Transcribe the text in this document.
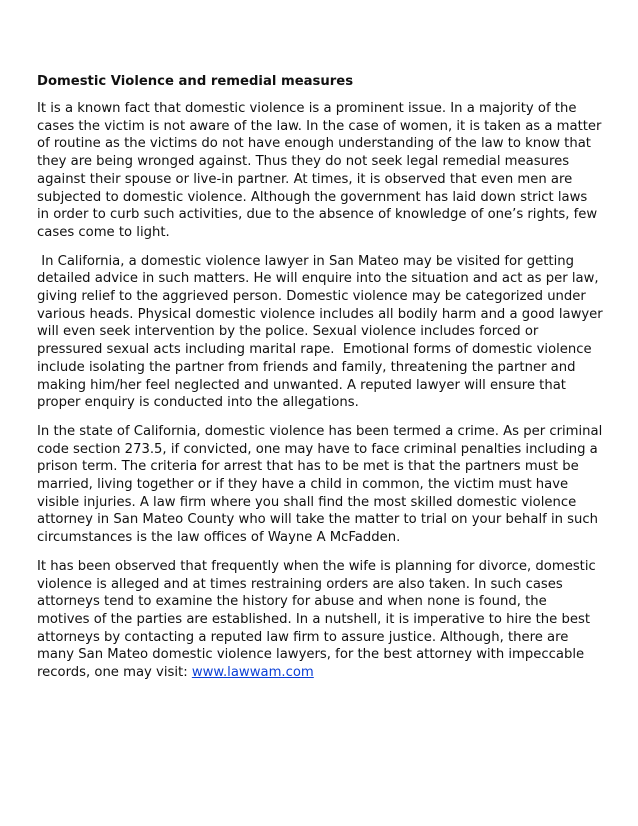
Domestic Violence and remedial measures

It is a known fact that domestic violence is a prominent issue. In a majority of the cases the victim is not aware of the law. In the case of women, it is taken as a matter of routine as the victims do not have enough understanding of the law to know that they are being wronged against. Thus they do not seek legal remedial measures against their spouse or live-in partner. At times, it is observed that even men are subjected to domestic violence. Although the government has laid down strict laws in order to curb such activities, due to the absence of knowledge of one’s rights, few cases come to light.

In California, a domestic violence lawyer in San Mateo may be visited for getting detailed advice in such matters. He will enquire into the situation and act as per law, giving relief to the aggrieved person. Domestic violence may be categorized under various heads. Physical domestic violence includes all bodily harm and a good lawyer will even seek intervention by the police. Sexual violence includes forced or pressured sexual acts including marital rape.  Emotional forms of domestic violence include isolating the partner from friends and family, threatening the partner and making him/her feel neglected and unwanted. A reputed lawyer will ensure that proper enquiry is conducted into the allegations.

In the state of California, domestic violence has been termed a crime. As per criminal code section 273.5, if convicted, one may have to face criminal penalties including a prison term. The criteria for arrest that has to be met is that the partners must be married, living together or if they have a child in common, the victim must have visible injuries. A law firm where you shall find the most skilled domestic violence attorney in San Mateo County who will take the matter to trial on your behalf in such circumstances is the law offices of Wayne A McFadden.

It has been observed that frequently when the wife is planning for divorce, domestic violence is alleged and at times restraining orders are also taken. In such cases attorneys tend to examine the history for abuse and when none is found, the motives of the parties are established. In a nutshell, it is imperative to hire the best attorneys by contacting a reputed law firm to assure justice. Although, there are many San Mateo domestic violence lawyers, for the best attorney with impeccable records, one may visit: www.lawwam.com
